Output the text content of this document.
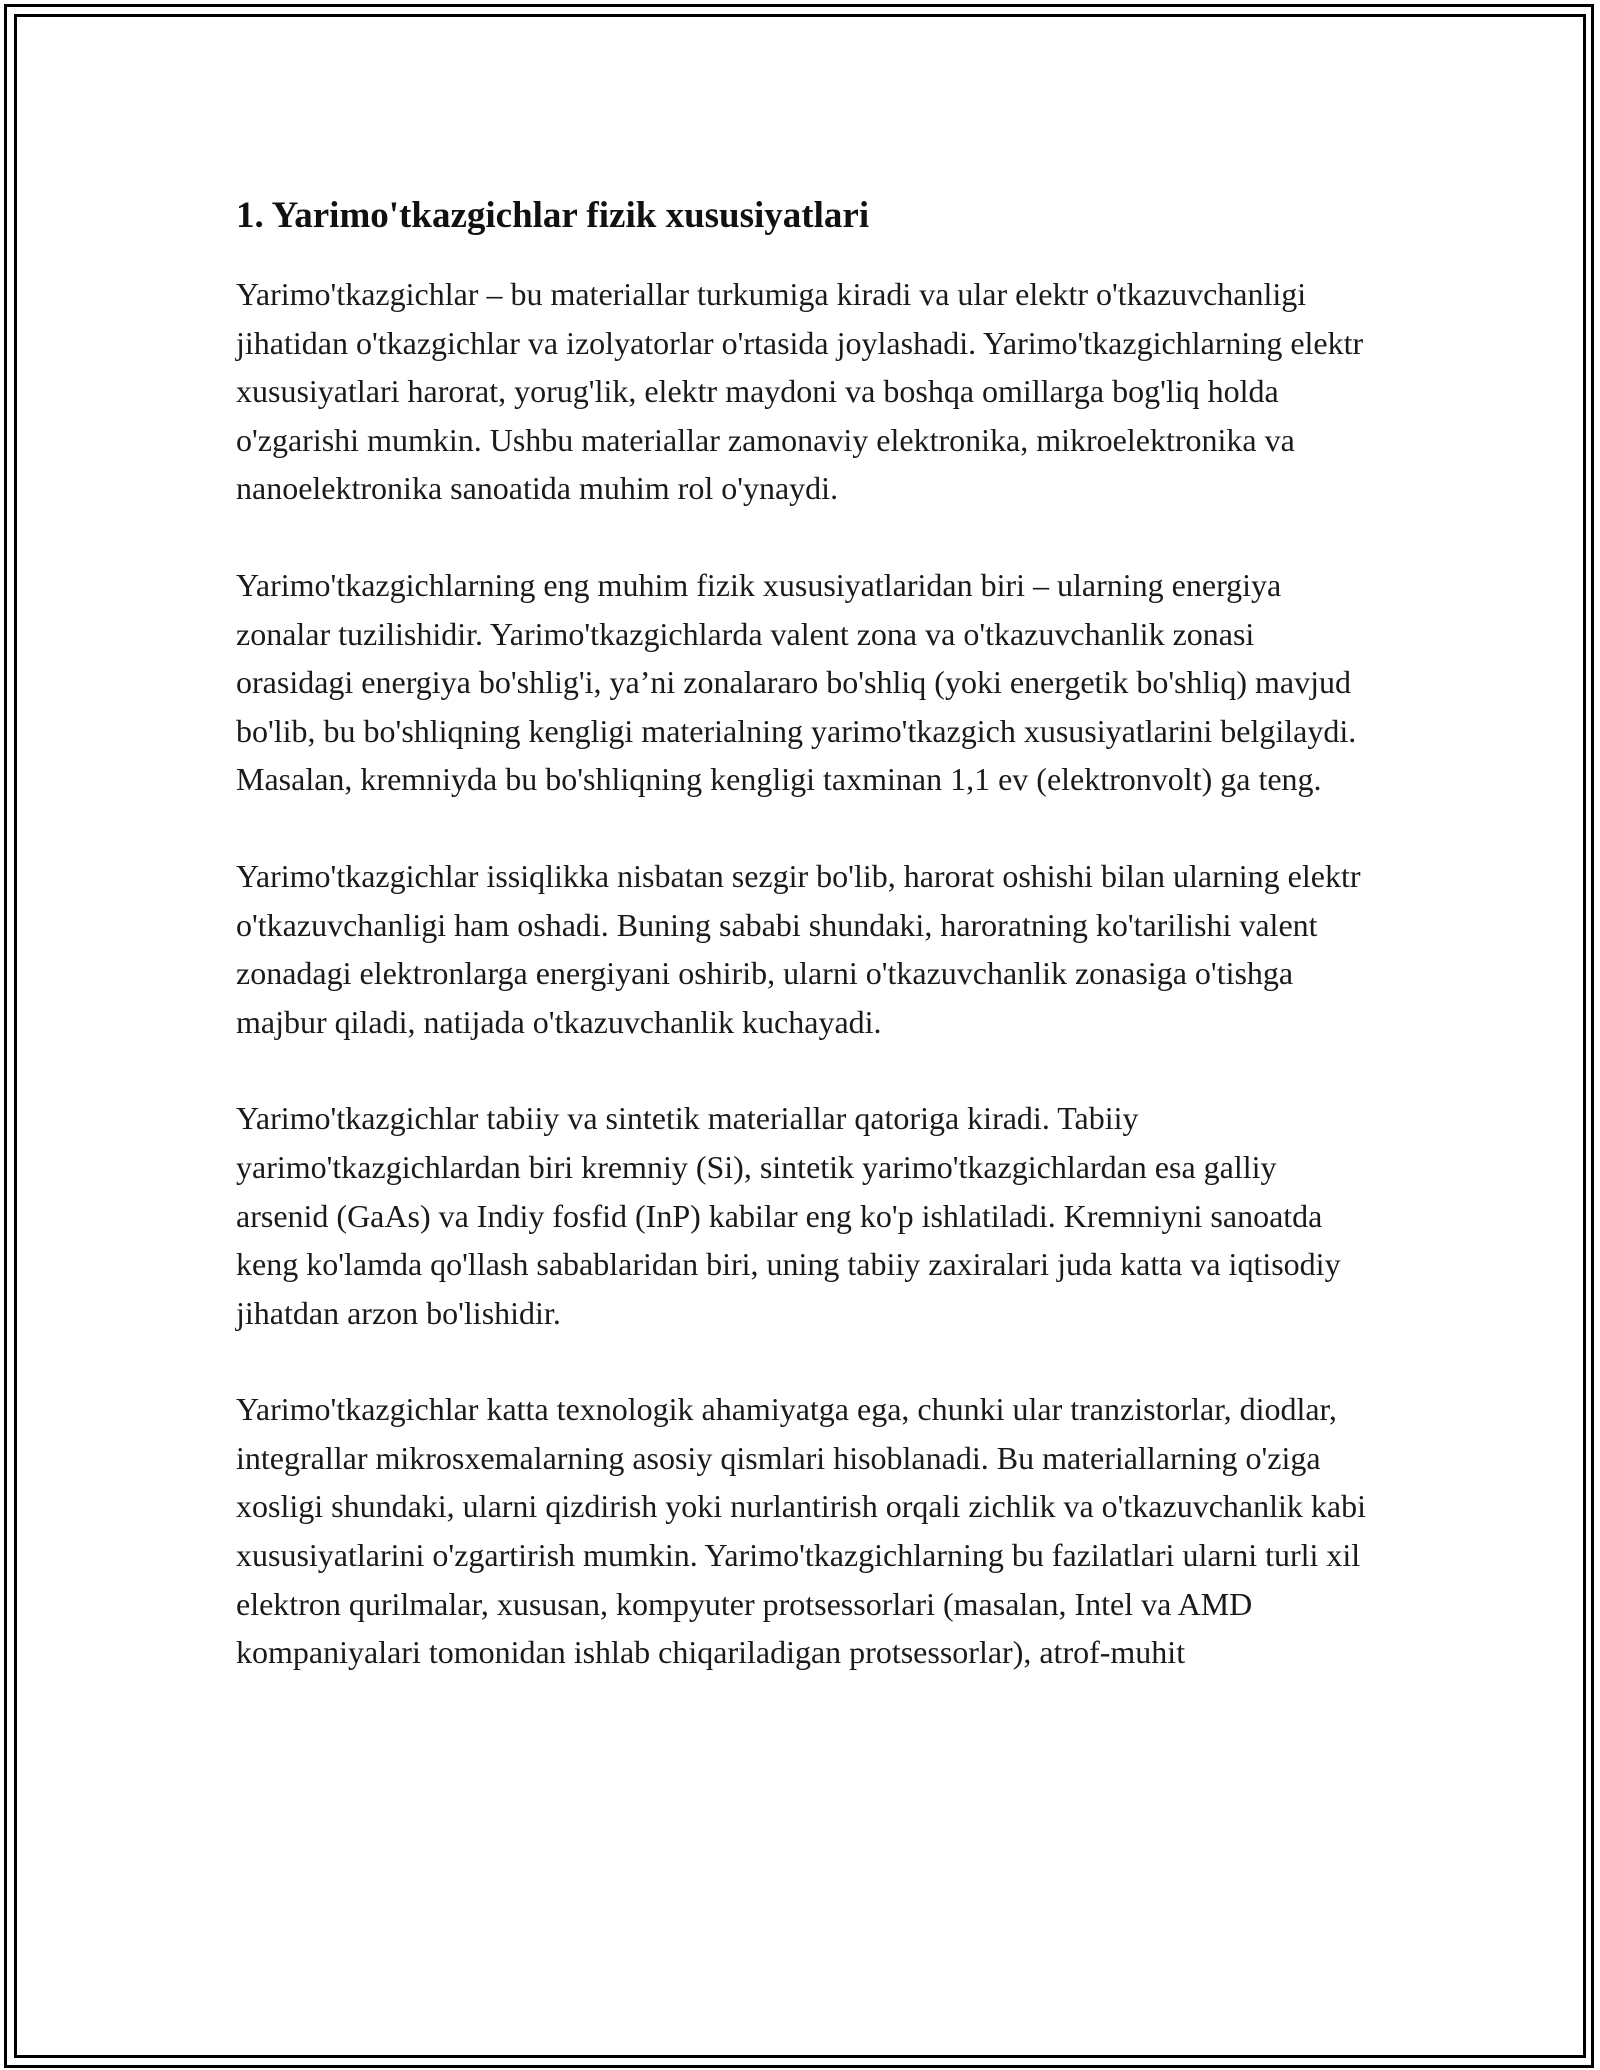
1. Yarimo'tkazgichlar fizik xususiyatlari

Yarimo'tkazgichlar – bu materiallar turkumiga kiradi va ular elektr o'tkazuvchanligi jihatidan o'tkazgichlar va izolyatorlar o'rtasida joylashadi. Yarimo'tkazgichlarning elektr xususiyatlari harorat, yorug'lik, elektr maydoni va boshqa omillarga bog'liq holda o'zgarishi mumkin. Ushbu materiallar zamonaviy elektronika, mikroelektronika va nanoelektronika sanoatida muhim rol o'ynaydi.

Yarimo'tkazgichlarning eng muhim fizik xususiyatlaridan biri – ularning energiya zonalar tuzilishidir. Yarimo'tkazgichlarda valent zona va o'tkazuvchanlik zonasi orasidagi energiya bo'shlig'i, ya’ni zonalararo bo'shliq (yoki energetik bo'shliq) mavjud bo'lib, bu bo'shliqning kengligi materialning yarimo'tkazgich xususiyatlarini belgilaydi. Masalan, kremniyda bu bo'shliqning kengligi taxminan 1,1 ev (elektronvolt) ga teng.

Yarimo'tkazgichlar issiqlikka nisbatan sezgir bo'lib, harorat oshishi bilan ularning elektr o'tkazuvchanligi ham oshadi. Buning sababi shundaki, haroratning ko'tarilishi valent zonadagi elektronlarga energiyani oshirib, ularni o'tkazuvchanlik zonasiga o'tishga majbur qiladi, natijada o'tkazuvchanlik kuchayadi.

Yarimo'tkazgichlar tabiiy va sintetik materiallar qatoriga kiradi. Tabiiy yarimo'tkazgichlardan biri kremniy (Si), sintetik yarimo'tkazgichlardan esa galliy arsenid (GaAs) va Indiy fosfid (InP) kabilar eng ko'p ishlatiladi. Kremniyni sanoatda keng ko'lamda qo'llash sabablaridan biri, uning tabiiy zaxiralari juda katta va iqtisodiy jihatdan arzon bo'lishidir.

Yarimo'tkazgichlar katta texnologik ahamiyatga ega, chunki ular tranzistorlar, diodlar, integrallar mikrosxemalarning asosiy qismlari hisoblanadi. Bu materiallarning o'ziga xosligi shundaki, ularni qizdirish yoki nurlantirish orqali zichlik va o'tkazuvchanlik kabi xususiyatlarini o'zgartirish mumkin. Yarimo'tkazgichlarning bu fazilatlari ularni turli xil elektron qurilmalar, xususan, kompyuter protsessorlari (masalan, Intel va AMD kompaniyalari tomonidan ishlab chiqariladigan protsessorlar), atrof-muhit
